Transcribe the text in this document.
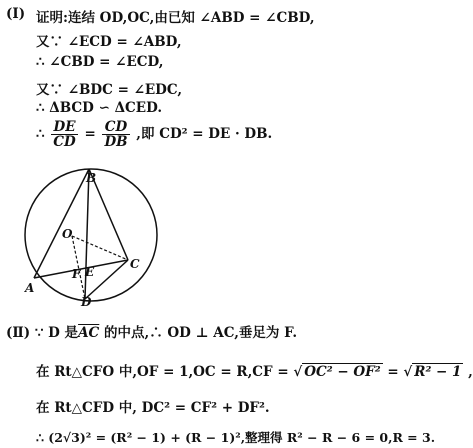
(Ⅰ) 证明:连结 OD,OC,由已知 ∠ABD = ∠CBD,
又∵ ∠ECD = ∠ABD,
∴ ∠CBD = ∠ECD,
又∵ ∠BDC = ∠EDC,
∴ ΔBCD ∽ ΔCED.
∴ $\frac{DE}{CD} = \frac{CD}{DB}$ ,即 CD² = DE · DB.
B
O
C
F E
A
D
(Ⅱ) ∵ D 是$\overline{AC}$ 的中点,∴ OD ⊥ AC,垂足为 F.
在 Rt△CFO 中,OF = 1,OC = R,CF = √ OC² − OF² = √ R² − 1 ,
在 Rt△CFD 中, DC² = CF² + DF².
∴ (2√3)² = (R² − 1) + (R − 1)²,整理得 R² − R − 6 = 0,R = 3.
